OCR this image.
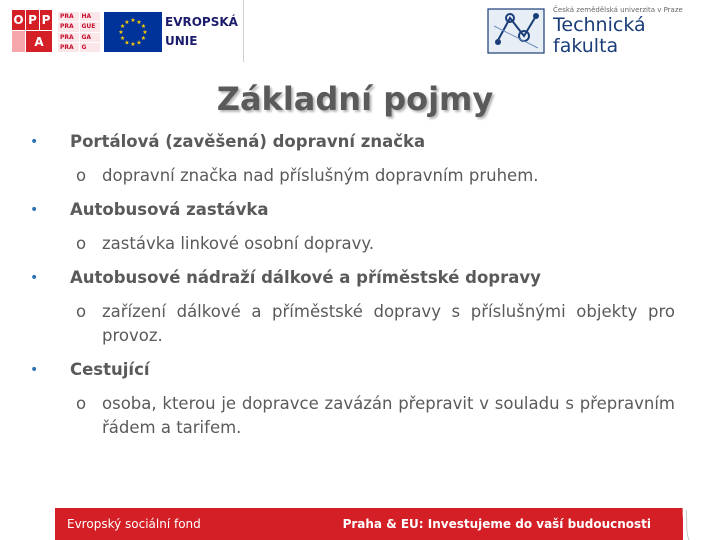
O P P
A
PRA	HA
PRA	GUE
PRA	GA
PRA	G
★
★
★
★
★
★
★
★
★ ★ ★
★ EVROPSKÁ
UNIE
Česká zemědělská univerzita v Praze
Technická
fakulta
Základní pojmy
•	Portálová (zavěšená) dopravní značka
o dopravní značka nad příslušným dopravním pruhem.
•	Autobusová zastávka
o zastávka linkové osobní dopravy.
•	Autobusové nádraží dálkové a příměstské dopravy
o zařízení dálkové a příměstské dopravy s příslušnými objekty pro provoz.
•	Cestující
o osoba, kterou je dopravce zavázán přepravit v souladu s přepravním řádem a tarifem.
Evropský sociální fond	Praha & EU: Investujeme do vaší budoucnosti
